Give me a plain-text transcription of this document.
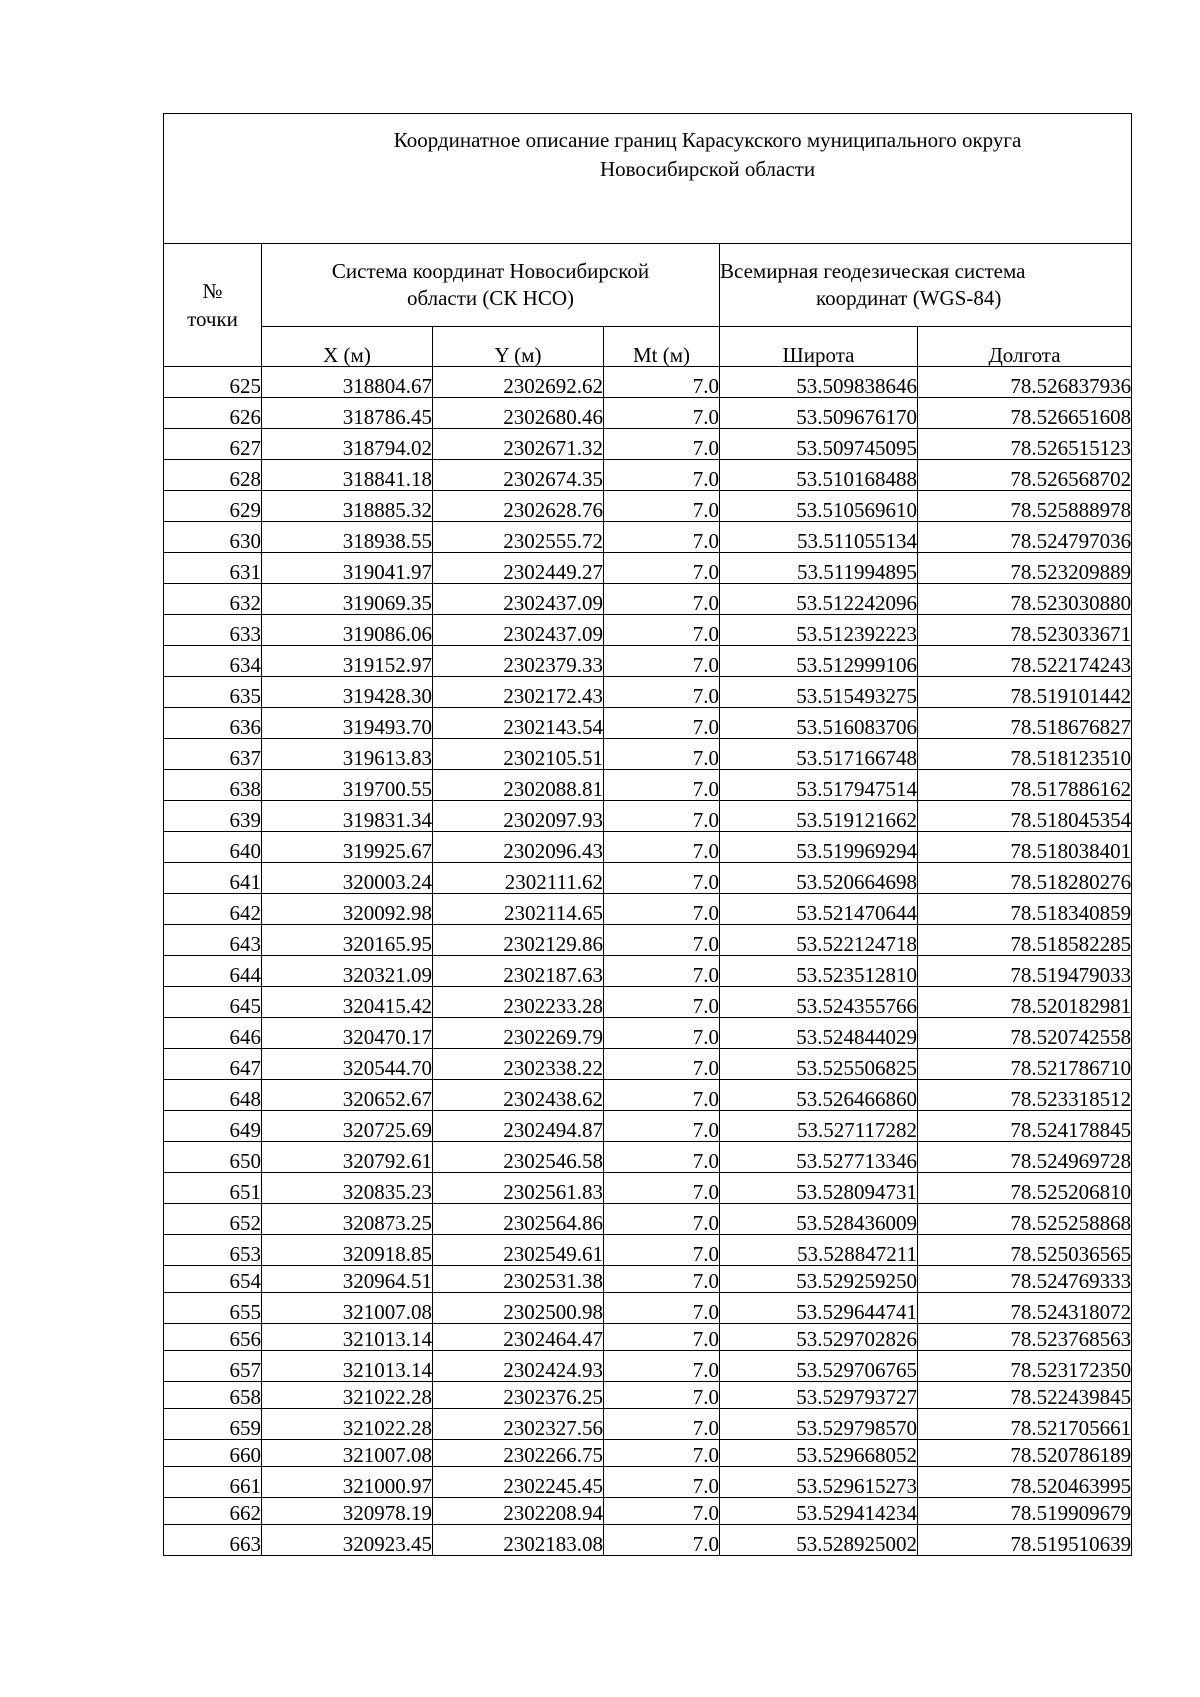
Координатное описание границ Карасукского муниципального округа
Новосибирской области					

№
точки	Система координат Новосибирской
области (СК НСО)			Всемирная геодезическая система
координат (WGS-84)	

	X (м)	Y (м)	Mt (м)	Широта	Долгота
625	318804.67	2302692.62	7.0	53.509838646	78.526837936
626	318786.45	2302680.46	7.0	53.509676170	78.526651608
627	318794.02	2302671.32	7.0	53.509745095	78.526515123
628	318841.18	2302674.35	7.0	53.510168488	78.526568702
629	318885.32	2302628.76	7.0	53.510569610	78.525888978
630	318938.55	2302555.72	7.0	53.511055134	78.524797036
631	319041.97	2302449.27	7.0	53.511994895	78.523209889
632	319069.35	2302437.09	7.0	53.512242096	78.523030880
633	319086.06	2302437.09	7.0	53.512392223	78.523033671
634	319152.97	2302379.33	7.0	53.512999106	78.522174243
635	319428.30	2302172.43	7.0	53.515493275	78.519101442
636	319493.70	2302143.54	7.0	53.516083706	78.518676827
637	319613.83	2302105.51	7.0	53.517166748	78.518123510
638	319700.55	2302088.81	7.0	53.517947514	78.517886162
639	319831.34	2302097.93	7.0	53.519121662	78.518045354
640	319925.67	2302096.43	7.0	53.519969294	78.518038401
641	320003.24	2302111.62	7.0	53.520664698	78.518280276
642	320092.98	2302114.65	7.0	53.521470644	78.518340859
643	320165.95	2302129.86	7.0	53.522124718	78.518582285
644	320321.09	2302187.63	7.0	53.523512810	78.519479033
645	320415.42	2302233.28	7.0	53.524355766	78.520182981
646	320470.17	2302269.79	7.0	53.524844029	78.520742558
647	320544.70	2302338.22	7.0	53.525506825	78.521786710
648	320652.67	2302438.62	7.0	53.526466860	78.523318512
649	320725.69	2302494.87	7.0	53.527117282	78.524178845
650	320792.61	2302546.58	7.0	53.527713346	78.524969728
651	320835.23	2302561.83	7.0	53.528094731	78.525206810
652	320873.25	2302564.86	7.0	53.528436009	78.525258868
653	320918.85	2302549.61	7.0	53.528847211	78.525036565
654	320964.51	2302531.38	7.0	53.529259250	78.524769333
655	321007.08	2302500.98	7.0	53.529644741	78.524318072
656	321013.14	2302464.47	7.0	53.529702826	78.523768563
657	321013.14	2302424.93	7.0	53.529706765	78.523172350
658	321022.28	2302376.25	7.0	53.529793727	78.522439845
659	321022.28	2302327.56	7.0	53.529798570	78.521705661
660	321007.08	2302266.75	7.0	53.529668052	78.520786189
661	321000.97	2302245.45	7.0	53.529615273	78.520463995
662	320978.19	2302208.94	7.0	53.529414234	78.519909679
663	320923.45	2302183.08	7.0	53.528925002	78.519510639
